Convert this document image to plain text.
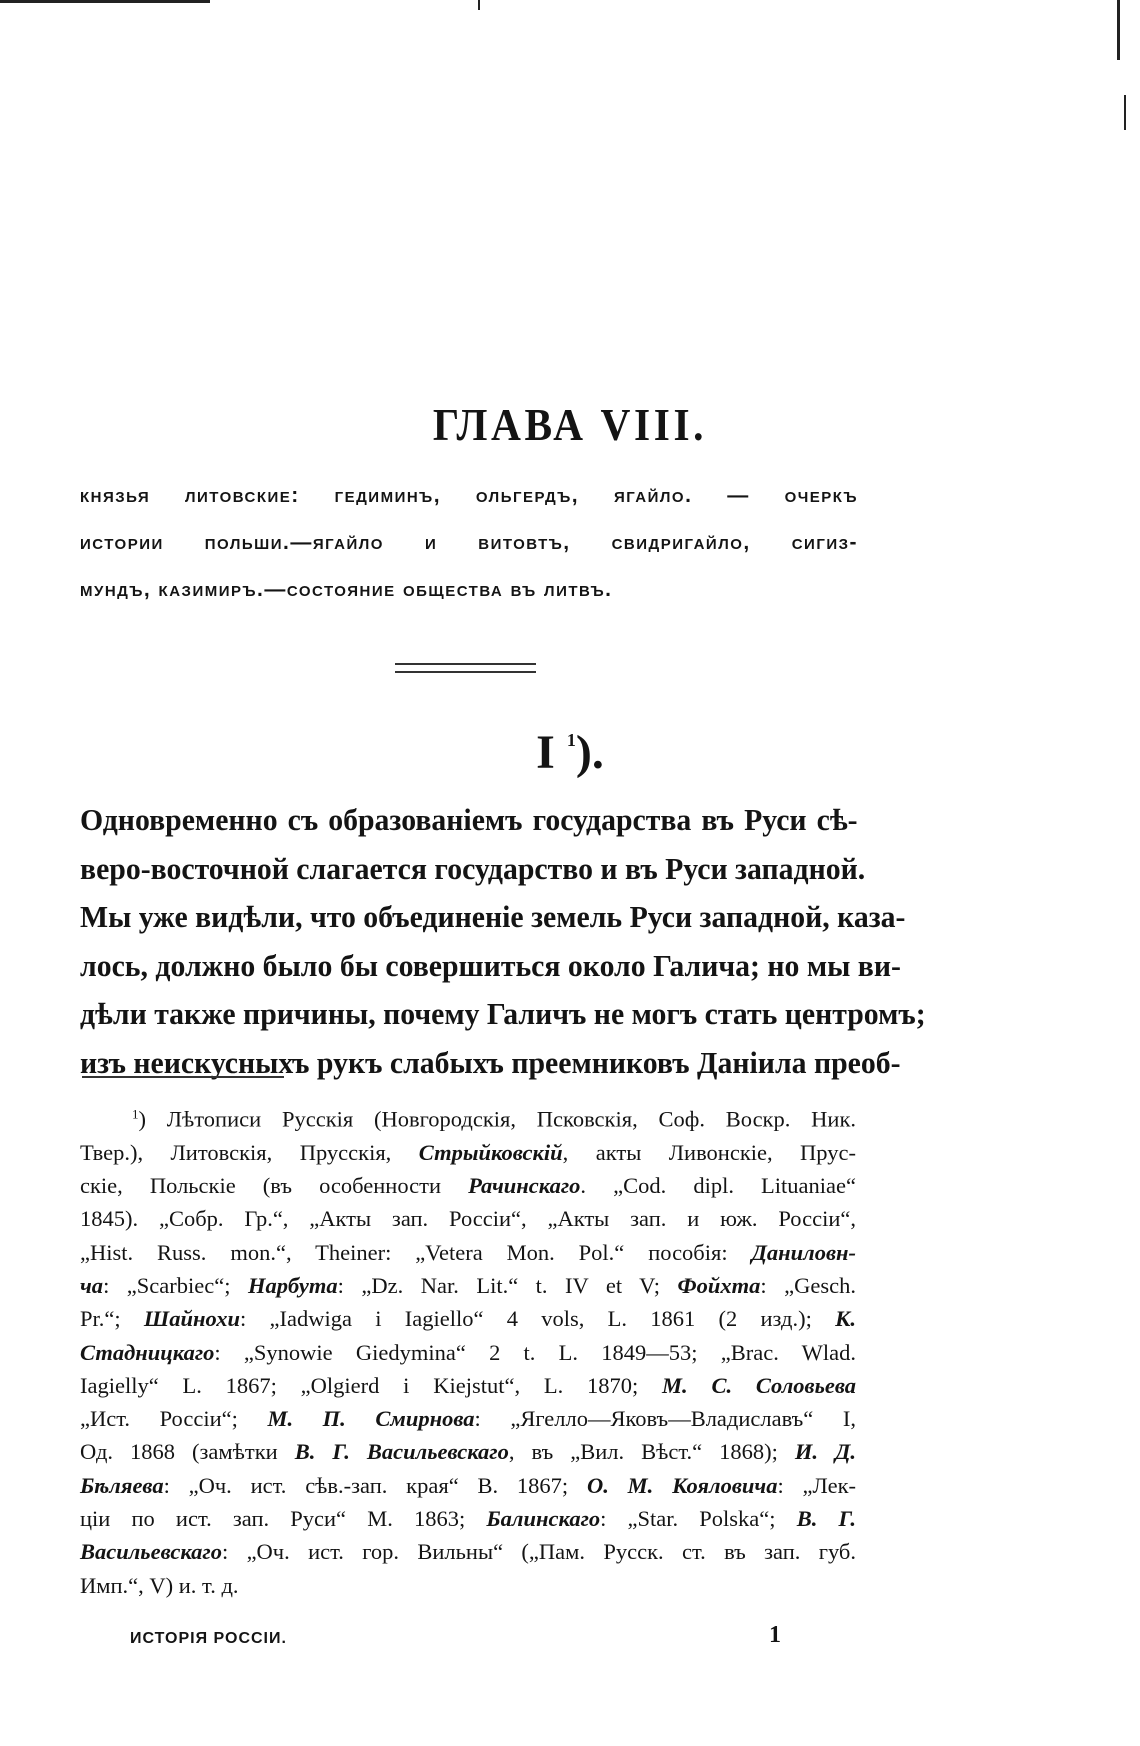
ГЛАВА VIII.
князья литовские: гедиминъ, ольгердъ, ягайло. — очеркъ
истории польши.—ягайло и витовтъ, свидригайло, сигиз-
мундъ, казимиръ.—состояние общества въ литвъ.
I $^1$).
Одновременно съ образованіемъ государства въ Руси сѣ-
веро-восточной слагается государство и въ Руси западной.
Мы уже видѣли, что объединеніе земель Руси западной, каза-
лось, должно было бы совершиться около Галича; но мы ви-
дѣли также причины, почему Галичъ не могъ стать центромъ;
изъ неискусныхъ рукъ слабыхъ преемниковъ Даніила преоб-
$^1$) Лѣтописи Русскія (Новгородскія, Псковскія, Соф. Воскр. Ник.
Твер.), Литовскія, Прусскія, Стрыйковскій, акты Ливонскіе, Прус-
скіе, Польскіе (въ особенности Рачинскаго. „Cod. dipl. Lituaniae“
1845). „Собр. Гр.“, „Акты зап. Россіи“, „Акты зап. и юж. Россіи“,
„Hist. Russ. mon.“, Theiner: „Vetera Mon. Pol.“ пособія: Даниловн-
ча: „Scarbiec“; Нарбута: „Dz. Nar. Lit.“ t. IV et V; Фойхта: „Gesch.
Pr.“; Шайнохи: „Iadwiga i Iagiello“ 4 vols, L. 1861 (2 изд.); К.
Стадницкаго: „Synowie Giedymina“ 2 t. L. 1849—53; „Brac. Wlad.
Iagielly“ L. 1867; „Olgierd i Kiejstut“, L. 1870; М. С. Соловьева
„Ист. Россіи“; М. П. Смирнова: „Ягелло—Яковъ—Владиславъ“ I,
Од. 1868 (замѣтки В. Г. Васильевскаго, въ „Вил. Вѣст.“ 1868); И. Д.
Бѣляева: „Оч. ист. сѣв.-зап. края“ В. 1867; О. М. Кояловича: „Лек-
ціи по ист. зап. Руси“ М. 1863; Балинскаго: „Star. Polska“; В. Г.
Васильевскаго: „Оч. ист. гор. Вильны“ („Пам. Русск. ст. въ зап. губ.
Имп.“, V) и. т. д.
ИСТОРІЯ РОССІИ.	1
